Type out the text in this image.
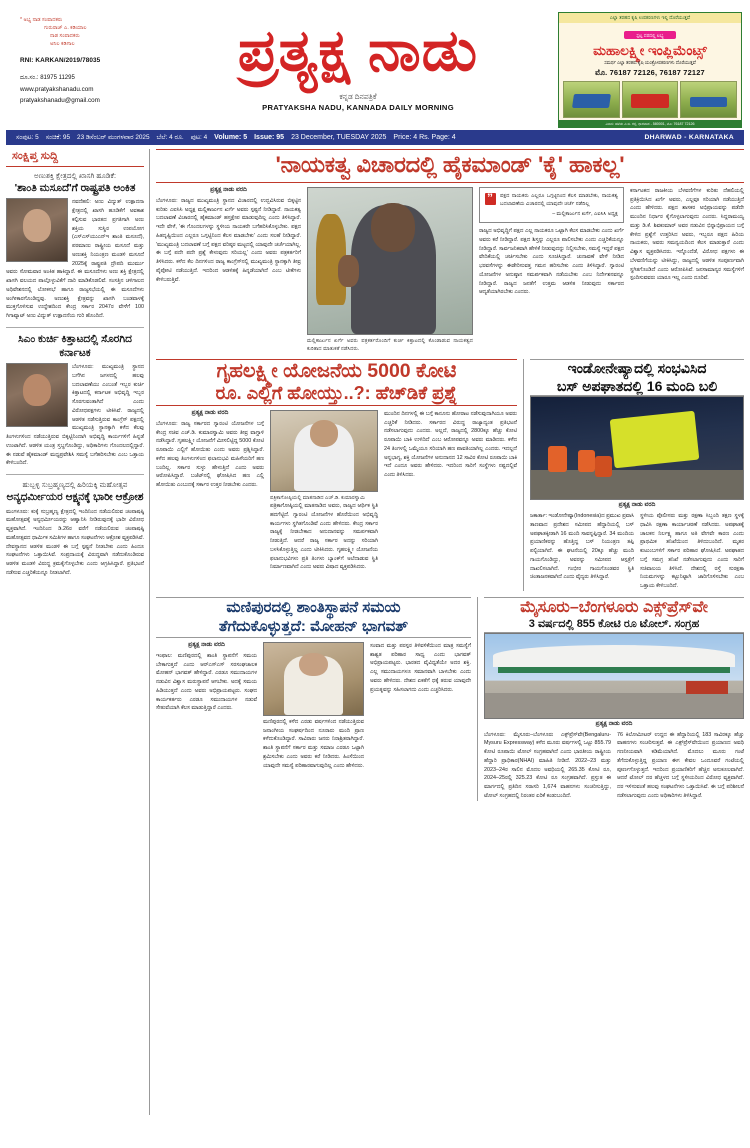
* ಅಭ್ಯ ನಾಡ ಸಂಪಾದಕರು
ಗುರುರಾಜ್ ಎ. ಕಡಿಯಾಲ
ನಾಡ ಸಂಪಾದಕರು
ಅನಿಲ ಕಡಿಗಾಲ
RNI: KARKAN/2019/78035
ದೂ.ಸಂ.: 81975 11295
www.pratyakshanadu.com
pratyakshanadu@gmail.com
ಪ್ರತ್ಯಕ್ಷ ನಾಡು
ಕನ್ನಡ ದಿನಪತ್ರಿಕೆ
PRATYAKSHA NADU, KANNADA DAILY MORNING
ಎಲ್ಲಾ ತರಹದ ಕೃಷಿ ಉಪಕರಣಗಳು ಇಲ್ಲಿ ದೊರೆಯುತ್ತವೆ
ಸ್ಪಲ್ಪ ದರದಲ್ಲಿ ಲಭ್ಯ
ಮಹಾಲಕ್ಷ್ಮೀ ಇಂಪ್ಲಿಮೆಂಟ್ಸ್
ಸಮರ್ಥ ಎಲ್ಲಾ ತರಹದ ಕೃಷಿ ಯಂತ್ರೋಪಕರಣಗಳು ದೊರೆಯುತ್ತವೆ
ಮೊ. 76187 72126, 76187 72127
ವಿಳಾಸ: ಹಳೆಯ ಪಿ.ಬಿ. ರಸ್ತೆ, ಧಾರವಾಡ - 580001, ಮೊ: 76187 72126
ಸಂಪುಟ: 5 ಸಂಚಿಕೆ: 95 23 ಡಿಸೆಂಬರ್ ಮಂಗಳವಾರ 2025 ಬೆಲೆ: 4 ರೂ. ಪುಟ: 4 Volume: 5 Issue: 95 23 December, TUESDAY 2025 Price: 4 Rs. Page: 4	DHARWAD - KARNATAKA
ಸಂಕ್ಷಿಪ್ತ ಸುದ್ದಿ
ಅಣುಶಕ್ತಿ ಕ್ಷೇತ್ರದಲ್ಲಿ ಖಾಸಗಿ ಹೂಡಿಕೆ:
'ಶಾಂತಿ ಮಸೂದೆ'ಗೆ ರಾಷ್ಟ್ರಪತಿ ಅಂಕಿತ
ನವದೆಹಲಿ: ಅಣು ವಿದ್ಯುತ್ ಉತ್ಪಾದನಾ ಕ್ಷೇತ್ರದಲ್ಲಿ ಖಾಸಗಿ ಹೂಡಿಕೆಗೆ ಅವಕಾಶ ಕಲ್ಪಿಸುವ ಭಾರತದ ಪ್ರಗತಿಗಾಗಿ ಅಣು ಶಕ್ತಿಯ ಸುಸ್ಥಿರ ಉಪಯೋಗ (ಎಸ್‌ಎಸ್‌ಯುಎನ್‌ಇ ಶಾಂತಿ ಮಸೂದೆ), ಪರಮಾಣು ರಾಷ್ಟ್ರೀಯ ಮಸೂದೆ ಮತ್ತು ಅಣುಶಕ್ತಿ ನಿಯಂತ್ರಣ ಮಂಡಳಿ ಮಸೂದೆ 2025ಕ್ಕೆ ರಾಷ್ಟ್ರಪತಿ ದ್ರೌಪದಿ ಮುರ್ಮು ಅವರು ಸೋಮವಾರ ಅಂಕಿತ ಹಾಕಿದ್ದಾರೆ. ಈ ಮಸೂದೆಗಳು ಅಣು ಶಕ್ತಿ ಕ್ಷೇತ್ರದಲ್ಲಿ ಖಾಸಗಿ ವಲಯದ ಪಾಲ್ಗೊಳ್ಳುವಿಕೆಗೆ ದಾರಿ ಮಾಡಿಕೊಡಲಿವೆ. ಸಂಸತ್ತಿನ ಚಳಿಗಾಲದ ಅಧಿವೇಶನದಲ್ಲಿ ಲೋಕಸಭೆ ಹಾಗೂ ರಾಜ್ಯಸಭೆಯಲ್ಲಿ ಈ ಮಸೂದೆಗಳು ಅಂಗೀಕಾರಗೊಂಡಿದ್ದವು. ಅಣುಶಕ್ತಿ ಕ್ಷೇತ್ರವನ್ನು ಖಾಸಗಿ ಬಂಡವಾಳಕ್ಕೆ ಮುಕ್ತಗೊಳಿಸುವ ಉದ್ದೇಶದಿಂದ ಕೇಂದ್ರ ಸರ್ಕಾರ 2047ರ ವೇಳೆಗೆ 100 ಗಿಗಾವ್ಯಾಟ್ ಅಣು ವಿದ್ಯುತ್ ಉತ್ಪಾದನೆಯ ಗುರಿ ಹೊಂದಿದೆ.
ಸಿಎಂ ಕುರ್ಚಿ ಕಿತ್ತಾಟದಲ್ಲಿ ಸೊರಗಿದ ಕರ್ನಾಟಕ
ಬೆಂಗಳೂರು: ಮುಖ್ಯಮಂತ್ರಿ ಸ್ಥಾನದ ಬಗೆಗಿನ ಜಗಳದಲ್ಲಿ ಹಲವು ಬದಲಾವಣೆಯು ಎಂಬಂತೆ ಇಬ್ಬರ ಕುರ್ಚಿ ಕಿತ್ತಾಟದಲ್ಲಿ ಕರ್ನಾಟಕ ಅಭಿವೃದ್ಧಿ ಇಬ್ಬರ ಸೊರಗುವಂತಾಗಿದೆ ಎಂದು ವಿರೋಧಪಕ್ಷಗಳು ಟೀಕಿಸಿವೆ. ರಾಜ್ಯದಲ್ಲಿ ಆಡಳಿತ ನಡೆಸುತ್ತಿರುವ ಕಾಂಗ್ರೆಸ್ ಪಕ್ಷದಲ್ಲಿ ಮುಖ್ಯಮಂತ್ರಿ ಸ್ಥಾನಕ್ಕಾಗಿ ಕಳೆದ ಕೆಲವು ತಿಂಗಳುಗಳಿಂದ ನಡೆಯುತ್ತಿರುವ ಬಿಕ್ಕಟ್ಟಿನಿಂದಾಗಿ ಅಭಿವೃದ್ಧಿ ಕಾರ್ಯಗಳಿಗೆ ಹಿನ್ನಡೆ ಉಂಟಾಗಿದೆ. ಆಡಳಿತ ಯಂತ್ರ ಸ್ತಬ್ಧಗೊಂಡಿದ್ದು, ಅಧಿಕಾರಿಗಳು ಗೊಂದಲದಲ್ಲಿದ್ದಾರೆ. ಈ ನಡುವೆ ಹೈಕಮಾಂಡ್ ಮಧ್ಯಪ್ರವೇಶಿಸಿ ಸಮಸ್ಯೆ ಬಗೆಹರಿಸಬೇಕು ಎಂಬ ಒತ್ತಾಯ ಕೇಳಿಬಂದಿದೆ.
ಹುಬ್ಬಳ್ಳಿ ಸುಬ್ರಹ್ಮಣ್ಯದಲ್ಲಿ ಹಿರಿಯಕ್ಕಿ ಮಹೋತ್ಸವ
ಅನ್ಯಧರ್ಮೀಯರ ಆಕ್ಷ್ಯನಕ್ಕೆ ಭಾರೀ ಆಕ್ರೋಶ
ಮಂಗಳೂರು: ಕುಕ್ಕೆ ಸುಬ್ರಹ್ಮಣ್ಯ ಕ್ಷೇತ್ರದಲ್ಲಿ ಇಂದಿನಿಂದ ನಡೆಯಲಿರುವ ಚಂಪಾಷಷ್ಠಿ ಮಹೋತ್ಸವಕ್ಕೆ ಅನ್ಯಧರ್ಮೀಯರನ್ನು ಆಹ್ವಾನಿಸಿ ನೀಡಿರುವುದಕ್ಕೆ ಭಾರೀ ವಿರೋಧ ವ್ಯಕ್ತವಾಗಿದೆ. ಇಂದಿನಿಂದ ಡಿ.26ರ ವರೆಗೆ ನಡೆಯಲಿರುವ ಚಂಪಾಷಷ್ಠಿ ಮಹೋತ್ಸವದ ಧಾರ್ಮಿಕ ಸಮಿತಿಗಳ ಹಾಗೂ ಸಂಘಟನೆಗಳು ಆಕ್ರೋಶ ವ್ಯಕ್ತಪಡಿಸಿವೆ. ದೇವಸ್ಥಾನದ ಆಡಳಿತ ಮಂಡಳಿ ಈ ಬಗ್ಗೆ ಸ್ಪಷ್ಟನೆ ನೀಡಬೇಕು ಎಂದು ಹಿಂದೂ ಸಂಘಟನೆಗಳು ಒತ್ತಾಯಿಸಿವೆ. ಸಂಪ್ರದಾಯಕ್ಕೆ ವಿರುದ್ಧವಾಗಿ ನಡೆದುಕೊಂಡಿರುವ ಆಡಳಿತ ಮಂಡಳಿ ವಿರುದ್ಧ ಕ್ರಮಕೈಗೊಳ್ಳಬೇಕು ಎಂದು ಆಗ್ರಹಿಸಿದ್ದಾರೆ. ಪ್ರತಿಭಟನೆ ನಡೆಸುವ ಎಚ್ಚರಿಕೆಯನ್ನೂ ನೀಡಲಾಗಿದೆ.
'ನಾಯಕತ್ವ ವಿಚಾರದಲ್ಲಿ ಹೈಕಮಾಂಡ್ 'ಕೈ' ಹಾಕಲ್ಲ'
ಪ್ರತ್ಯಕ್ಷ ನಾಡು ವರದಿ
ಬೆಂಗಳೂರು: ರಾಜ್ಯದ ಮುಖ್ಯಮಂತ್ರಿ ಸ್ಥಾನದ ವಿಚಾರದಲ್ಲಿ ಉದ್ಭವಿಸಿರುವ ಬಿಕ್ಕಟ್ಟಿನ ಕುರಿತು ಎಐಸಿಸಿ ಅಧ್ಯಕ್ಷ ಮಲ್ಲಿಕಾರ್ಜುನ ಖರ್ಗೆ ಅವರು ಸ್ಪಷ್ಟನೆ ನೀಡಿದ್ದಾರೆ. ನಾಯಕತ್ವ ಬದಲಾವಣೆ ವಿಚಾರದಲ್ಲಿ ಹೈಕಮಾಂಡ್ ಹಸ್ತಕ್ಷೇಪ ಮಾಡುವುದಿಲ್ಲ ಎಂದು ತಿಳಿಸಿದ್ದಾರೆ. ಇದೇ ವೇಳೆ, 'ಈ ಗೊಂದಲಗಳನ್ನು ಸ್ಥಳೀಯ ನಾಯಕರೇ ಬಗೆಹರಿಸಿಕೊಳ್ಳಬೇಕು. ಪಕ್ಷದ ಹಿತದೃಷ್ಟಿಯಿಂದ ಎಲ್ಲರೂ ಒಗ್ಗಟ್ಟಿನಿಂದ ಕೆಲಸ ಮಾಡಬೇಕು' ಎಂದು ಸಲಹೆ ನೀಡಿದ್ದಾರೆ. 'ಮುಖ್ಯಮಂತ್ರಿ ಬದಲಾವಣೆ ಬಗ್ಗೆ ಪಕ್ಷದ ವರಿಷ್ಠರ ಮಟ್ಟದಲ್ಲಿ ಯಾವುದೇ ಚರ್ಚೆಯಾಗಿಲ್ಲ. ಈ ಬಗ್ಗೆ ಪದೇ ಪದೇ ಪ್ರಶ್ನೆ ಕೇಳುವುದು ಸರಿಯಲ್ಲ' ಎಂದು ಅವರು ಪತ್ರಕರ್ತರಿಗೆ ತಿಳಿಸಿದರು. ಕಳೆದ ಕೆಲ ದಿನಗಳಿಂದ ರಾಜ್ಯ ಕಾಂಗ್ರೆಸ್‌ನಲ್ಲಿ ಮುಖ್ಯಮಂತ್ರಿ ಸ್ಥಾನಕ್ಕಾಗಿ ತೀವ್ರ ಪೈಪೋಟಿ ನಡೆಯುತ್ತಿದೆ. ಇದರಿಂದ ಆಡಳಿತಕ್ಕೆ ಹಿನ್ನಡೆಯಾಗಿದೆ ಎಂಬ ಟೀಕೆಗಳು ಕೇಳಿಬರುತ್ತಿವೆ.
ಮಲ್ಲಿಕಾರ್ಜುನ ಖರ್ಗೆ ಅವರು ಪತ್ರಕರ್ತರೊಂದಿಗೆ ಕುರ್ಚಿ ಕಿತ್ತಾಟದಲ್ಲಿ ಕೊಂಡಾಡುವ ನಾಯಕತ್ವದ ಕುರಿತಾದ ಮಾತುಕತೆ ನಡೆಸಿದರು.
”
ಪಕ್ಷದ ನಾಯಕರು ಎಲ್ಲರೂ ಒಗ್ಗಟ್ಟಿನಿಂದ ಕೆಲಸ ಮಾಡಬೇಕು, ನಾಯಕತ್ವ ಬದಲಾವಣೆಯ ವಿಚಾರದಲ್ಲಿ ಯಾವುದೇ ಚರ್ಚೆ ನಡೆದಿಲ್ಲ
– ಮಲ್ಲಿಕಾರ್ಜುನ ಖರ್ಗೆ, ಎಐಸಿಸಿ ಅಧ್ಯಕ್ಷ
ರಾಜ್ಯದ ಅಭಿವೃದ್ಧಿಗೆ ಪಕ್ಷದ ಎಲ್ಲ ನಾಯಕರೂ ಒಟ್ಟಾಗಿ ಕೆಲಸ ಮಾಡಬೇಕು ಎಂದು ಖರ್ಗೆ ಅವರು ಕರೆ ನೀಡಿದ್ದಾರೆ. ಪಕ್ಷದ ಶಿಸ್ತನ್ನು ಎಲ್ಲರೂ ಪಾಲಿಸಬೇಕು ಎಂದು ಎಚ್ಚರಿಕೆಯನ್ನೂ ನೀಡಿದ್ದಾರೆ. ಸಾರ್ವಜನಿಕವಾಗಿ ಹೇಳಿಕೆ ನೀಡುವುದನ್ನು ನಿಲ್ಲಿಸಬೇಕು, ಸಮಸ್ಯೆ ಇದ್ದರೆ ಪಕ್ಷದ ವೇದಿಕೆಯಲ್ಲಿ ಚರ್ಚಿಸಬೇಕು ಎಂದು ಸೂಚಿಸಿದ್ದಾರೆ. ಚುನಾವಣೆ ವೇಳೆ ನೀಡಿದ ಭರವಸೆಗಳನ್ನು ಈಡೇರಿಸುವತ್ತ ಗಮನ ಹರಿಸಬೇಕು ಎಂದು ತಿಳಿಸಿದ್ದಾರೆ. ಗ್ಯಾರಂಟಿ ಯೋಜನೆಗಳ ಅನುಷ್ಠಾನ ಸಮರ್ಪಕವಾಗಿ ನಡೆಯಬೇಕು ಎಂಬ ನಿರ್ದೇಶನವನ್ನೂ ನೀಡಿದ್ದಾರೆ. ರಾಜ್ಯದ ಜನತೆಗೆ ಉತ್ತಮ ಆಡಳಿತ ನೀಡುವುದು ಸರ್ಕಾರದ ಆದ್ಯತೆಯಾಗಿರಬೇಕು ಎಂದರು.
ಕರ್ನಾಟಕದ ರಾಜಕೀಯ ಬೆಳವಣಿಗೆಗಳ ಕುರಿತು ದೆಹಲಿಯಲ್ಲಿ ಪ್ರತಿಕ್ರಿಯಿಸಿದ ಖರ್ಗೆ ಅವರು, ಎಲ್ಲವೂ ಸರಿಯಾಗಿ ನಡೆಯುತ್ತಿದೆ ಎಂದು ಹೇಳಿದರು. ಪಕ್ಷದ ಶಾಸಕರ ಅಭಿಪ್ರಾಯವನ್ನು ಪಡೆದೇ ಮುಂದಿನ ನಿರ್ಧಾರ ಕೈಗೊಳ್ಳಲಾಗುವುದು ಎಂದರು. ಸಿದ್ದರಾಮಯ್ಯ ಮತ್ತು ಡಿ.ಕೆ. ಶಿವಕುಮಾರ್ ಅವರ ನಡುವಿನ ಭಿನ್ನಾಭಿಪ್ರಾಯದ ಬಗ್ಗೆ ಕೇಳಿದ ಪ್ರಶ್ನೆಗೆ ಉತ್ತರಿಸಿದ ಅವರು, ಇಬ್ಬರೂ ಪಕ್ಷದ ಹಿರಿಯ ನಾಯಕರು, ಅವರು ಸಮನ್ವಯದಿಂದ ಕೆಲಸ ಮಾಡುತ್ತಾರೆ ಎಂದು ವಿಶ್ವಾಸ ವ್ಯಕ್ತಪಡಿಸಿದರು. ಇನ್ನೊಂದೆಡೆ, ವಿರೋಧ ಪಕ್ಷಗಳು ಈ ಬೆಳವಣಿಗೆಯನ್ನು ಟೀಕಿಸಿದ್ದು, ರಾಜ್ಯದಲ್ಲಿ ಆಡಳಿತ ಸಂಪೂರ್ಣವಾಗಿ ಸ್ಥಗಿತಗೊಂಡಿದೆ ಎಂದು ಆರೋಪಿಸಿವೆ. ಜನಸಾಮಾನ್ಯರ ಸಮಸ್ಯೆಗಳಿಗೆ ಸ್ಪಂದಿಸುವವರು ಯಾರೂ ಇಲ್ಲ ಎಂದು ದೂರಿವೆ.
ಗೃಹಲಕ್ಷ್ಮೀ ಯೋಜನೆಯ 5000 ಕೋಟಿ
ರೂ. ಎಲ್ಲಿಗೆ ಹೋಯ್ತು..?: ಹೆಚ್‌ಡಿಕೆ ಪ್ರಶ್ನೆ
ಪ್ರತ್ಯಕ್ಷ ನಾಡು ವರದಿ
ಬೆಂಗಳೂರು: ರಾಜ್ಯ ಸರ್ಕಾರದ ಗ್ಯಾರಂಟಿ ಯೋಜನೆಗಳ ಬಗ್ಗೆ ಕೇಂದ್ರ ಸಚಿವ ಎಚ್.ಡಿ. ಕುಮಾರಸ್ವಾಮಿ ಅವರು ತೀವ್ರ ವಾಗ್ದಾಳಿ ನಡೆಸಿದ್ದಾರೆ. ಗೃಹಲಕ್ಷ್ಮೀ ಯೋಜನೆಗೆ ಮೀಸಲಿಟ್ಟಿದ್ದ 5000 ಕೋಟಿ ರೂಪಾಯಿ ಎಲ್ಲಿಗೆ ಹೋಯಿತು ಎಂದು ಅವರು ಪ್ರಶ್ನಿಸಿದ್ದಾರೆ. ಕಳೆದ ಹಲವು ತಿಂಗಳುಗಳಿಂದ ಫಲಾನುಭವಿ ಮಹಿಳೆಯರಿಗೆ ಹಣ ಬಂದಿಲ್ಲ. ಸರ್ಕಾರ ಸುಳ್ಳು ಹೇಳುತ್ತಿದೆ ಎಂದು ಅವರು ಆರೋಪಿಸಿದ್ದಾರೆ. ಬಜೆಟ್‌ನಲ್ಲಿ ಘೋಷಿಸಿದ ಹಣ ಎಲ್ಲಿ ಹೋಯಿತು ಎಂಬುದಕ್ಕೆ ಸರ್ಕಾರ ಉತ್ತರ ನೀಡಬೇಕು ಎಂದರು.
ಪತ್ರಿಕಾಗೋಷ್ಠಿಯಲ್ಲಿ ಮಾತನಾಡಿದ ಎಚ್.ಡಿ. ಕುಮಾರಸ್ವಾಮಿ
ಪತ್ರಿಕಾಗೋಷ್ಠಿಯಲ್ಲಿ ಮಾತನಾಡಿದ ಅವರು, ರಾಜ್ಯದ ಆರ್ಥಿಕ ಸ್ಥಿತಿ ಹದಗೆಟ್ಟಿದೆ. ಗ್ಯಾರಂಟಿ ಯೋಜನೆಗಳ ಹೊರೆಯಿಂದ ಅಭಿವೃದ್ಧಿ ಕಾರ್ಯಗಳು ಸ್ಥಗಿತಗೊಂಡಿವೆ ಎಂದು ಹೇಳಿದರು. ಕೇಂದ್ರ ಸರ್ಕಾರ ರಾಜ್ಯಕ್ಕೆ ನೀಡಬೇಕಾದ ಅನುದಾನವನ್ನು ಸಮರ್ಪಕವಾಗಿ ನೀಡುತ್ತಿದೆ. ಆದರೆ ರಾಜ್ಯ ಸರ್ಕಾರ ಅದನ್ನು ಸರಿಯಾಗಿ ಬಳಸಿಕೊಳ್ಳುತ್ತಿಲ್ಲ ಎಂದು ಟೀಕಿಸಿದರು. ಗೃಹಲಕ್ಷ್ಮೀ ಯೋಜನೆಯ ಫಲಾನುಭವಿಗಳು ಪ್ರತಿ ತಿಂಗಳು ಬ್ಯಾಂಕ್‌ಗೆ ಅಲೆದಾಡುವ ಸ್ಥಿತಿ ನಿರ್ಮಾಣವಾಗಿದೆ ಎಂದು ಅವರು ವಿಷಾದ ವ್ಯಕ್ತಪಡಿಸಿದರು.
ಮುಂದಿನ ದಿನಗಳಲ್ಲಿ ಈ ಬಗ್ಗೆ ಕಾನೂನು ಹೋರಾಟ ನಡೆಸುವುದಾಗಿಯೂ ಅವರು ಎಚ್ಚರಿಕೆ ನೀಡಿದರು. ಸರ್ಕಾರದ ವಿರುದ್ಧ ರಾಜ್ಯಾದ್ಯಂತ ಪ್ರತಿಭಟನೆ ನಡೆಸಲಾಗುವುದು ಎಂದರು. ಅಲ್ಲದೆ, ರಾಜ್ಯದಲ್ಲಿ 2800ಕ್ಕೂ ಹೆಚ್ಚು ಕೋಟಿ ರೂಪಾಯಿ ಬಾಕಿ ಉಳಿದಿದೆ ಎಂಬ ಆರೋಪವನ್ನೂ ಅವರು ಮಾಡಿದರು. ಕಳೆದ 24 ತಿಂಗಳಲ್ಲಿ ಒಮ್ಮೆಯೂ ಸರಿಯಾಗಿ ಹಣ ಪಾವತಿಯಾಗಿಲ್ಲ ಎಂದರು. ಇದಲ್ಲದೆ ಅನ್ನಭಾಗ್ಯ, ಶಕ್ತಿ ಯೋಜನೆಗಳ ಅನುದಾನದ 12 ಸಾವಿರ ಕೋಟಿ ರೂಪಾಯಿ ಬಾಕಿ ಇದೆ ಎಂದೂ ಅವರು ಹೇಳಿದರು. ಇದರಿಂದ ಸಾರಿಗೆ ಸಂಸ್ಥೆಗಳು ನಷ್ಟದಲ್ಲಿವೆ ಎಂದು ತಿಳಿಸಿದರು.
ಇಂಡೋನೇಷ್ಯಾದಲ್ಲಿ ಸಂಭವಿಸಿದ
ಬಸ್ ಅಪಘಾತದಲ್ಲಿ 16 ಮಂದಿ ಬಲಿ
ಪ್ರತ್ಯಕ್ಷ ನಾಡು ವರದಿ
ಜಕಾರ್ತಾ: ಇಂಡೋನೇಷ್ಯಾ(Indonesia)ದ ಪ್ರಮುಖ ಪ್ರವಾಸಿ ತಾಣವಾದ ಪ್ರದೇಶದ ಸಮೀಪದ ಹೆದ್ದಾರಿಯಲ್ಲಿ ಬಸ್ ಅಪಘಾತಕ್ಕೀಡಾಗಿ 16 ಮಂದಿ ಸಾವನ್ನಪ್ಪಿದ್ದಾರೆ. 34 ಮಂದಿಯ ಪ್ರಯಾಣಿಕರನ್ನು ಹೊತ್ತಿದ್ದ ಬಸ್ ನಿಯಂತ್ರಣ ತಪ್ಪಿ ಪಲ್ಟಿಯಾಗಿದೆ. ಈ ಘಟನೆಯಲ್ಲಿ 20ಕ್ಕೂ ಹೆಚ್ಚು ಮಂದಿ ಗಾಯಗೊಂಡಿದ್ದು, ಅವರನ್ನು ಸಮೀಪದ ಆಸ್ಪತ್ರೆಗೆ ದಾಖಲಿಸಲಾಗಿದೆ. ಗಂಭೀರ ಗಾಯಗೊಂಡವರ ಸ್ಥಿತಿ ಚಿಂತಾಜನಕವಾಗಿದೆ ಎಂದು ವೈದ್ಯರು ತಿಳಿಸಿದ್ದಾರೆ.
ಸ್ಥಳೀಯ ಪೊಲೀಸರು ಮತ್ತು ರಕ್ಷಣಾ ಸಿಬ್ಬಂದಿ ತಕ್ಷಣ ಸ್ಥಳಕ್ಕೆ ಧಾವಿಸಿ ರಕ್ಷಣಾ ಕಾರ್ಯಾಚರಣೆ ನಡೆಸಿದರು. ಅಪಘಾತಕ್ಕೆ ಚಾಲಕನ ನಿರ್ಲಕ್ಷ್ಯ ಹಾಗೂ ಅತಿ ವೇಗವೇ ಕಾರಣ ಎಂದು ಪ್ರಾಥಮಿಕ ತನಿಖೆಯಿಂದ ತಿಳಿದುಬಂದಿದೆ. ಮೃತರ ಕುಟುಂಬಗಳಿಗೆ ಸರ್ಕಾರ ಪರಿಹಾರ ಘೋಷಿಸಿದೆ. ಅಪಘಾತದ ಬಗ್ಗೆ ಸಮಗ್ರ ತನಿಖೆ ನಡೆಸಲಾಗುವುದು ಎಂದು ಸಾರಿಗೆ ಸಚಿವಾಲಯ ತಿಳಿಸಿದೆ. ದೇಶದಲ್ಲಿ ರಸ್ತೆ ಸುರಕ್ಷತಾ ನಿಯಮಗಳನ್ನು ಕಟ್ಟುನಿಟ್ಟಾಗಿ ಜಾರಿಗೊಳಿಸಬೇಕು ಎಂಬ ಒತ್ತಾಯ ಕೇಳಿಬಂದಿದೆ.
ಮಣಿಪುರದಲ್ಲಿ ಶಾಂತಿಸ್ಥಾಪನೆ ಸಮಯ
ತೆಗೆದುಕೊಳ್ಳುತ್ತದೆ: ಮೋಹನ್ ಭಾಗವತ್
ಪ್ರತ್ಯಕ್ಷ ನಾಡು ವರದಿ
ಇಂಫಾಲ: ಮಣಿಪುರದಲ್ಲಿ ಶಾಂತಿ ಸ್ಥಾಪನೆಗೆ ಸಮಯ ಬೇಕಾಗುತ್ತದೆ ಎಂದು ಆರ್‌ಎಸ್‌ಎಸ್ ಸರಸಂಘಚಾಲಕ ಮೋಹನ್ ಭಾಗವತ್ ಹೇಳಿದ್ದಾರೆ. ಎರಡೂ ಸಮುದಾಯಗಳ ನಡುವಿನ ವಿಶ್ವಾಸ ಮರುಸ್ಥಾಪನೆ ಆಗಬೇಕು. ಅದಕ್ಕೆ ಸಮಯ ಹಿಡಿಯುತ್ತದೆ ಎಂದು ಅವರು ಅಭಿಪ್ರಾಯಪಟ್ಟರು. ಸಂಘದ ಕಾರ್ಯಕರ್ತರು ಎರಡೂ ಸಮುದಾಯಗಳ ನಡುವೆ ಸೇತುವೆಯಾಗಿ ಕೆಲಸ ಮಾಡುತ್ತಿದ್ದಾರೆ ಎಂದರು.
ಮಣಿಪುರದಲ್ಲಿ ಕಳೆದ ಎರಡು ವರ್ಷಗಳಿಂದ ನಡೆಯುತ್ತಿರುವ ಜನಾಂಗೀಯ ಸಂಘರ್ಷದಿಂದ ನೂರಾರು ಮಂದಿ ಪ್ರಾಣ ಕಳೆದುಕೊಂಡಿದ್ದಾರೆ. ಸಾವಿರಾರು ಜನರು ನಿರಾಶ್ರಿತರಾಗಿದ್ದಾರೆ. ಶಾಂತಿ ಸ್ಥಾಪನೆಗೆ ಸರ್ಕಾರ ಮತ್ತು ಸಮಾಜ ಎರಡೂ ಒಟ್ಟಾಗಿ ಶ್ರಮಿಸಬೇಕು ಎಂದು ಅವರು ಕರೆ ನೀಡಿದರು. ಹಿಂಸೆಯಿಂದ ಯಾವುದೇ ಸಮಸ್ಯೆ ಪರಿಹಾರವಾಗುವುದಿಲ್ಲ ಎಂದು ಹೇಳಿದರು.
ಸಂವಾದ ಮತ್ತು ಪರಸ್ಪರ ತಿಳಿವಳಿಕೆಯಿಂದ ಮಾತ್ರ ಸಮಸ್ಯೆಗೆ ಶಾಶ್ವತ ಪರಿಹಾರ ಸಾಧ್ಯ ಎಂದು ಭಾಗವತ್ ಅಭಿಪ್ರಾಯಪಟ್ಟರು. ಭಾರತದ ವೈವಿಧ್ಯತೆಯೇ ಅದರ ಶಕ್ತಿ. ಎಲ್ಲ ಸಮುದಾಯಗಳೂ ಸಮಾನವಾಗಿ ಬಾಳಬೇಕು ಎಂದು ಅವರು ಹೇಳಿದರು. ದೇಶದ ಏಕತೆಗೆ ಧಕ್ಕೆ ತರುವ ಯಾವುದೇ ಪ್ರಯತ್ನವನ್ನು ಸಹಿಸಲಾಗದು ಎಂದು ಎಚ್ಚರಿಸಿದರು.
ಮೈಸೂರು–ಬೆಂಗಳೂರು ಎಕ್ಸ್‌ಪ್ರೆಸ್‌ವೇ
3 ವರ್ಷದಲ್ಲಿ 855 ಕೋಟಿ ರೂ ಟೋಲ್. ಸಂಗ್ರಹ
ಪ್ರತ್ಯಕ್ಷ ನಾಡು ವರದಿ
ಬೆಂಗಳೂರು: ಮೈಸೂರು–ಬೆಂಗಳೂರು ಎಕ್ಸ್‌ಪ್ರೆಸ್‌ವೇ(Bengaluru-Mysuru Expressway) ಕಳೆದ ಮೂರು ವರ್ಷಗಳಲ್ಲಿ ಒಟ್ಟು 855.79 ಕೋಟಿ ರೂಪಾಯಿ ಟೋಲ್ ಸಂಗ್ರಹವಾಗಿದೆ ಎಂದು ಭಾರತೀಯ ರಾಷ್ಟ್ರೀಯ ಹೆದ್ದಾರಿ ಪ್ರಾಧಿಕಾರ(NHAI) ಮಾಹಿತಿ ನೀಡಿದೆ. 2022–23 ಮತ್ತು 2023–24ರ ಸಾಲಿನ ಮೊದಲ ಅವಧಿಯಲ್ಲಿ 265.35 ಕೋಟಿ ರೂ, 2024–25ರಲ್ಲಿ 325.23 ಕೋಟಿ ರೂ ಸಂಗ್ರಹವಾಗಿದೆ. ಪ್ರಸ್ತುತ ಈ ಮಾರ್ಗದಲ್ಲಿ ಪ್ರತಿದಿನ ಸರಾಸರಿ 1,674 ವಾಹನಗಳು ಸಂಚರಿಸುತ್ತಿದ್ದು, ಟೋಲ್ ಸಂಗ್ರಹದಲ್ಲಿ ನಿರಂತರ ಏರಿಕೆ ಕಂಡುಬಂದಿದೆ.
76 ಕಿಲೋಮೀಟರ್ ಉದ್ದದ ಈ ಹೆದ್ದಾರಿಯಲ್ಲಿ 183 ಸಾವಿರಕ್ಕೂ ಹೆಚ್ಚು ವಾಹನಗಳು ಸಂಚರಿಸುತ್ತವೆ. ಈ ಎಕ್ಸ್‌ಪ್ರೆಸ್‌ವೇಯಿಂದ ಪ್ರಯಾಣದ ಅವಧಿ ಗಣನೀಯವಾಗಿ ಕಡಿಮೆಯಾಗಿದೆ. ಮೊದಲು ಮೂರು ಗಂಟೆ ತೆಗೆದುಕೊಳ್ಳುತ್ತಿದ್ದ ಪ್ರಯಾಣ ಈಗ ಕೇವಲ ಒಂದೂವರೆ ಗಂಟೆಯಲ್ಲಿ ಪೂರ್ಣಗೊಳ್ಳುತ್ತದೆ. ಇದರಿಂದ ಪ್ರಯಾಣಿಕರಿಗೆ ಹೆಚ್ಚಿನ ಅನುಕೂಲವಾಗಿದೆ. ಆದರೆ ಟೋಲ್ ದರ ಹೆಚ್ಚಳದ ಬಗ್ಗೆ ಸ್ಥಳೀಯರಿಂದ ವಿರೋಧ ವ್ಯಕ್ತವಾಗಿದೆ. ದರ ಇಳಿಸುವಂತೆ ಹಲವು ಸಂಘಟನೆಗಳು ಒತ್ತಾಯಿಸಿವೆ. ಈ ಬಗ್ಗೆ ಪರಿಶೀಲನೆ ನಡೆಸಲಾಗುವುದು ಎಂದು ಅಧಿಕಾರಿಗಳು ತಿಳಿಸಿದ್ದಾರೆ.
